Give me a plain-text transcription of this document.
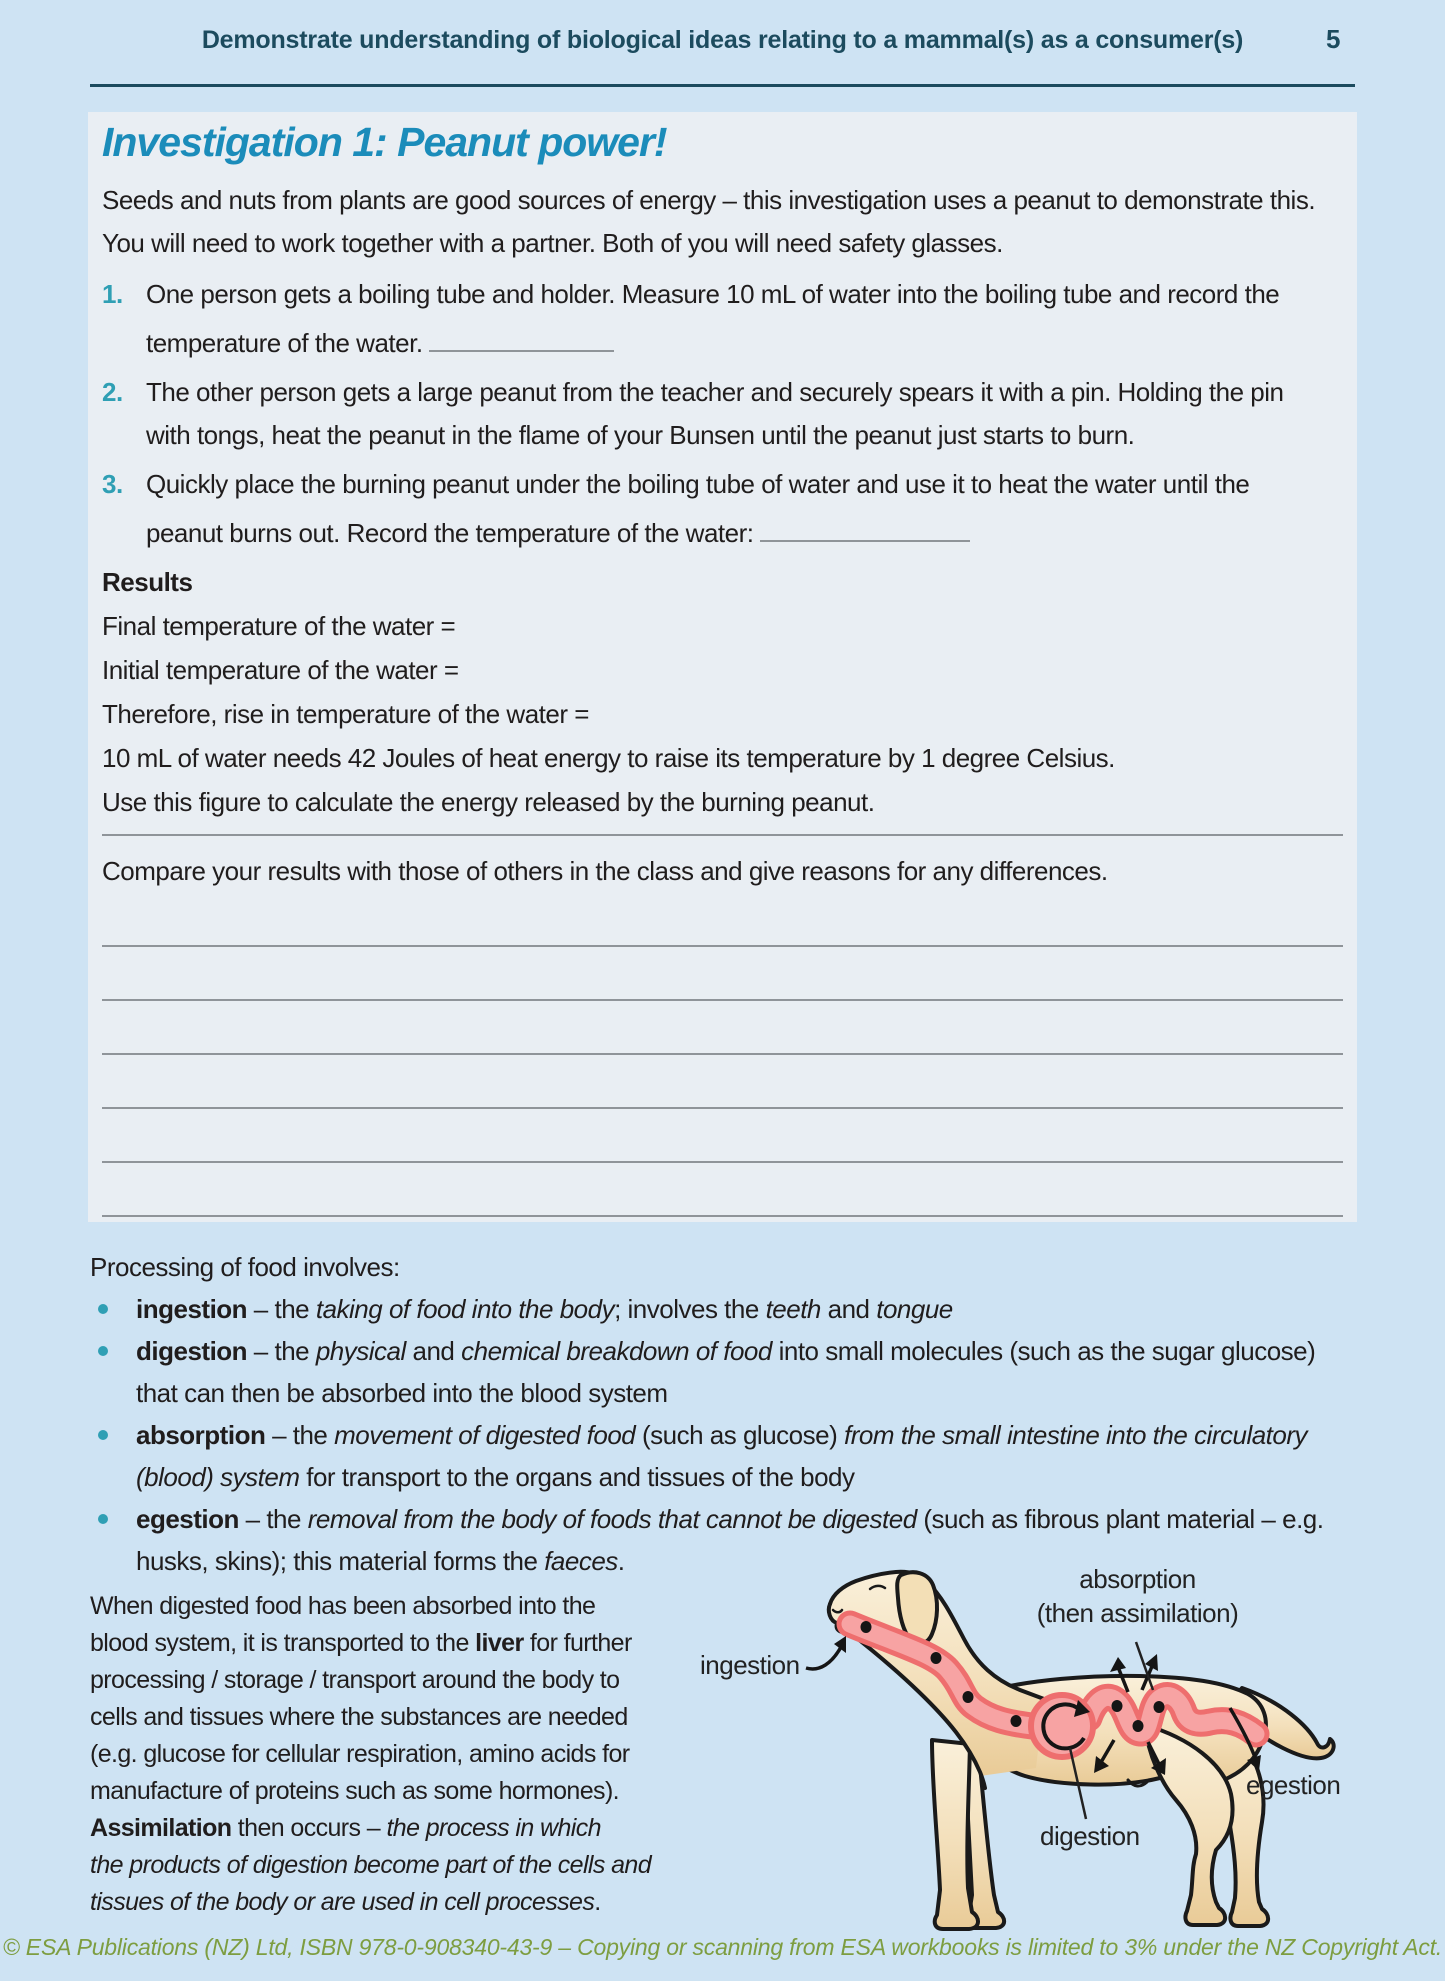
Demonstrate understanding of biological ideas relating to a mammal(s) as a consumer(s)	5
Investigation 1: Peanut power!
Seeds and nuts from plants are good sources of energy – this investigation uses a peanut to demonstrate this.
You will need to work together with a partner. Both of you will need safety glasses.
1. One person gets a boiling tube and holder. Measure 10 mL of water into the boiling tube and record the
temperature of the water.
2. The other person gets a large peanut from the teacher and securely spears it with a pin. Holding the pin
with tongs, heat the peanut in the flame of your Bunsen until the peanut just starts to burn.
3. Quickly place the burning peanut under the boiling tube of water and use it to heat the water until the
peanut burns out. Record the temperature of the water:
Results
Final temperature of the water =
Initial temperature of the water =
Therefore, rise in temperature of the water =
10 mL of water needs 42 Joules of heat energy to raise its temperature by 1 degree Celsius.
Use this figure to calculate the energy released by the burning peanut.
Compare your results with those of others in the class and give reasons for any differences.
Processing of food involves:
ingestion – the taking of food into the body; involves the teeth and tongue
digestion – the physical and chemical breakdown of food into small molecules (such as the sugar glucose)
that can then be absorbed into the blood system
absorption – the movement of digested food (such as glucose) from the small intestine into the circulatory
(blood) system for transport to the organs and tissues of the body
egestion – the removal from the body of foods that cannot be digested (such as fibrous plant material – e.g.
husks, skins); this material forms the faeces.
When digested food has been absorbed into the
blood system, it is transported to the liver for further
processing / storage / transport around the body to
cells and tissues where the substances are needed
(e.g. glucose for cellular respiration, amino acids for
manufacture of proteins such as some hormones).
Assimilation then occurs – the process in which
the products of digestion become part of the cells and
tissues of the body or are used in cell processes.
ingestion
absorption
(then assimilation)
digestion
egestion
© ESA Publications (NZ) Ltd, ISBN 978-0-908340-43-9 – Copying or scanning from ESA workbooks is limited to 3% under the NZ Copyright Act.
